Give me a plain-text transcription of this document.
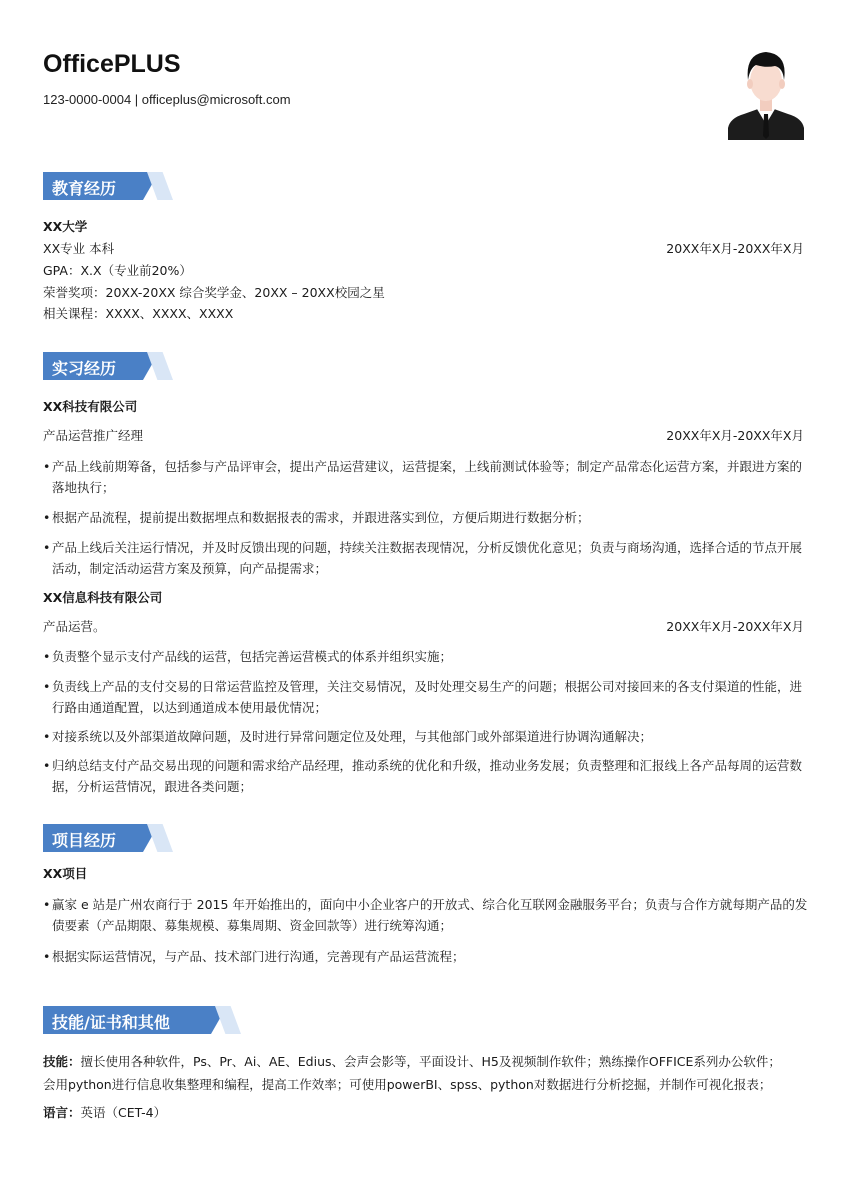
OfficePLUS
123-0000-0004 | officeplus@microsoft.com
教育经历
XX大学
XX专业 本科	20XX年X月-20XX年X月
GPA：X.X（专业前20%）
荣誉奖项：20XX-20XX 综合奖学金、20XX – 20XX校园之星
相关课程：XXXX、XXXX、XXXX
实习经历
XX科技有限公司
产品运营推广经理	20XX年X月-20XX年X月
• 产品上线前期筹备，包括参与产品评审会，提出产品运营建议，运营提案，上线前测试体验等；制定产品常态化运营方案，并跟进方案的落地执行；
• 根据产品流程，提前提出数据埋点和数据报表的需求，并跟进落实到位，方便后期进行数据分析；
• 产品上线后关注运行情况，并及时反馈出现的问题，持续关注数据表现情况，分析反馈优化意见；负责与商场沟通，选择合适的节点开展活动，制定活动运营方案及预算，向产品提需求；
XX信息科技有限公司
产品运营。	20XX年X月-20XX年X月
• 负责整个显示支付产品线的运营，包括完善运营模式的体系并组织实施；
• 负责线上产品的支付交易的日常运营监控及管理，关注交易情况，及时处理交易生产的问题；根据公司对接回来的各支付渠道的性能，进行路由通道配置，以达到通道成本使用最优情况；
• 对接系统以及外部渠道故障问题，及时进行异常问题定位及处理，与其他部门或外部渠道进行协调沟通解决；
• 归纳总结支付产品交易出现的问题和需求给产品经理，推动系统的优化和升级，推动业务发展；负责整理和汇报线上各产品每周的运营数据，分析运营情况，跟进各类问题；
项目经历
XX项目
• 赢家 e 站是广州农商行于 2015 年开始推出的，面向中小企业客户的开放式、综合化互联网金融服务平台；负责与合作方就每期产品的发债要素（产品期限、募集规模、募集周期、资金回款等）进行统筹沟通；
• 根据实际运营情况，与产品、技术部门进行沟通，完善现有产品运营流程；
技能/证书和其他
技能：擅长使用各种软件，Ps、Pr、Ai、AE、Edius、会声会影等，平面设计、H5及视频制作软件；熟练操作OFFICE系列办公软件；
会用python进行信息收集整理和编程，提高工作效率；可使用powerBI、spss、python对数据进行分析挖掘，并制作可视化报表；
语言：英语（CET-4）
